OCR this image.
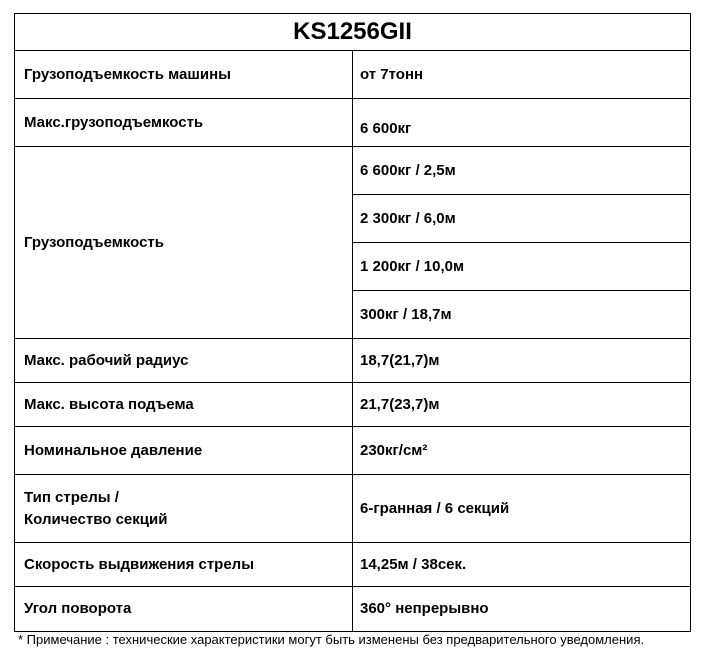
KS1256GII
Грузоподъемкость машины	от 7тонн
Макс.грузоподъемкость	6 600кг
Грузоподъемкость	6 600кг / 2,5м
	2 300кг / 6,0м
	1 200кг / 10,0м
	300кг / 18,7м
Макс. рабочий радиус	18,7(21,7)м
Макс. высота подъема	21,7(23,7)м
Номинальное давление	230кг/см²

Тип стрелы /
Количество секций	6-гранная / 6 секций
Скорость выдвижения стрелы	14,25м / 38сек.
Угол поворота	360° непрерывно
* Примечание : технические характеристики могут быть изменены без предварительного уведомления.
